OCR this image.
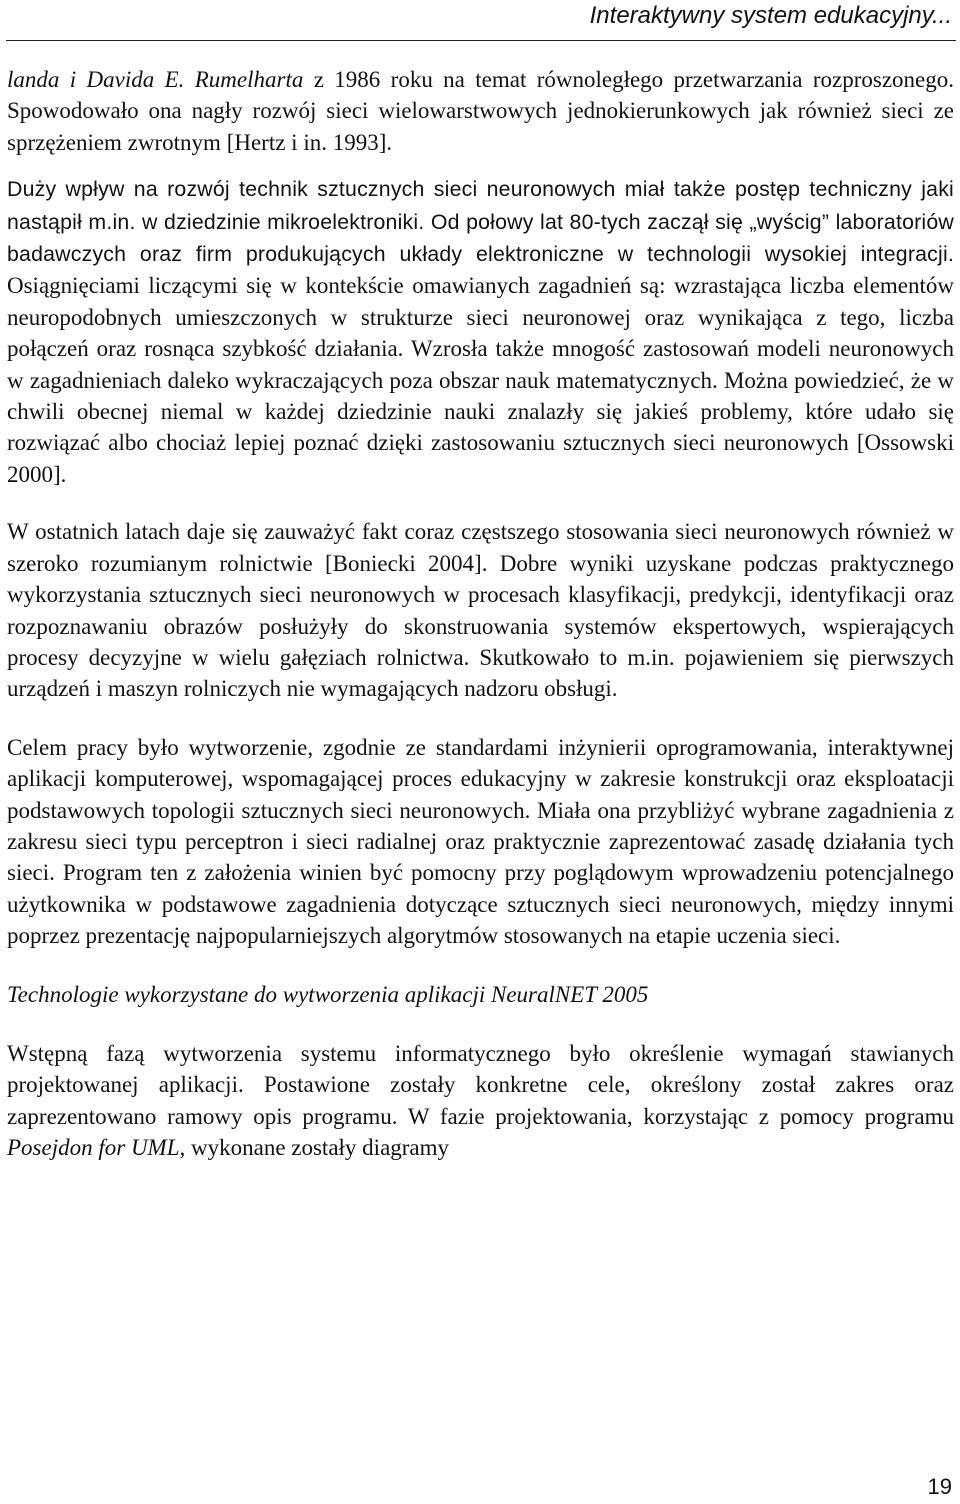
Interaktywny system edukacyjny...

landa i Davida E. Rumelharta z 1986 roku na temat równoległego przetwarzania rozproszonego. Spowodowało ona nagły rozwój sieci wielowarstwowych jednokierunkowych jak również sieci ze sprzężeniem zwrotnym [Hertz i in. 1993].

Duży wpływ na rozwój technik sztucznych sieci neuronowych miał także postęp techniczny jaki nastąpił m.in. w dziedzinie mikroelektroniki. Od połowy lat 80-tych zaczął się „wyścig” laboratoriów badawczych oraz firm produkujących układy elektroniczne w technologii wysokiej integracji. Osiągnięciami liczącymi się w kontekście omawianych zagadnień są: wzrastająca liczba elementów neuropodobnych umieszczonych w strukturze sieci neuronowej oraz wynikająca z tego, liczba połączeń oraz rosnąca szybkość działania. Wzrosła także mnogość zastosowań modeli neuronowych w zagadnieniach daleko wykraczających poza obszar nauk matematycznych. Można powiedzieć, że w chwili obecnej niemal w każdej dziedzinie nauki znalazły się jakieś problemy, które udało się rozwiązać albo chociaż lepiej poznać dzięki zastosowaniu sztucznych sieci neuronowych [Ossowski 2000].

W ostatnich latach daje się zauważyć fakt coraz częstszego stosowania sieci neuronowych również w szeroko rozumianym rolnictwie [Boniecki 2004]. Dobre wyniki uzyskane podczas praktycznego wykorzystania sztucznych sieci neuronowych w procesach klasyfikacji, predykcji, identyfikacji oraz rozpoznawaniu obrazów posłużyły do skonstruowania systemów ekspertowych, wspierających procesy decyzyjne w wielu gałęziach rolnictwa. Skutkowało to m.in. pojawieniem się pierwszych urządzeń i maszyn rolniczych nie wymagających nadzoru obsługi.

Celem pracy było wytworzenie, zgodnie ze standardami inżynierii oprogramowania, interaktywnej aplikacji komputerowej, wspomagającej proces edukacyjny w zakresie konstrukcji oraz eksploatacji podstawowych topologii sztucznych sieci neuronowych. Miała ona przybliżyć wybrane zagadnienia z zakresu sieci typu perceptron i sieci radialnej oraz praktycznie zaprezentować zasadę działania tych sieci. Program ten z założenia winien być pomocny przy poglądowym wprowadzeniu potencjalnego użytkownika w podstawowe zagadnienia dotyczące sztucznych sieci neuronowych, między innymi poprzez prezentację najpopularniejszych algorytmów stosowanych na etapie uczenia sieci.

Technologie wykorzystane do wytworzenia aplikacji NeuralNET 2005

Wstępną fazą wytworzenia systemu informatycznego było określenie wymagań stawianych projektowanej aplikacji. Postawione zostały konkretne cele, określony został zakres oraz zaprezentowano ramowy opis programu. W fazie projektowania, korzystając z pomocy programu Posejdon for UML, wykonane zostały diagramy

19
